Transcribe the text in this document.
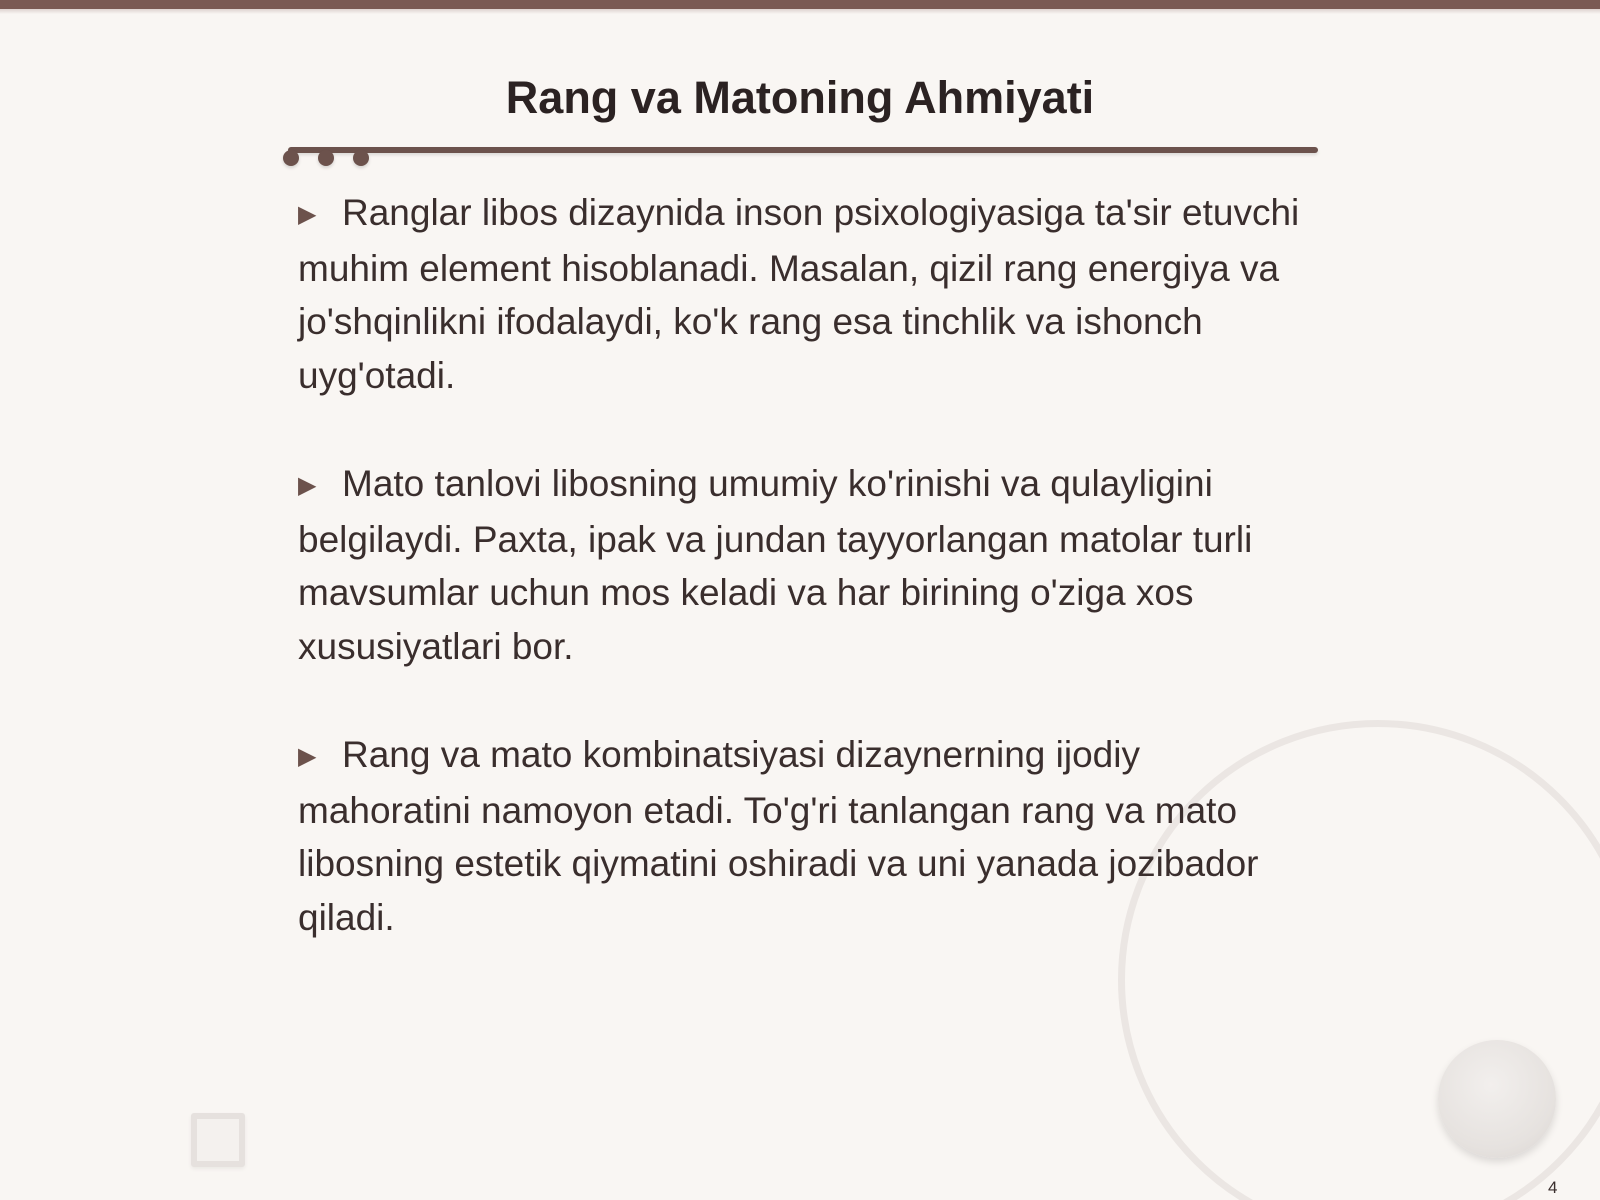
Rang va Matoning Ahmiyati

▶ Ranglar libos dizaynida inson psixologiyasiga ta'sir etuvchi muhim element hisoblanadi. Masalan, qizil rang energiya va jo'shqinlikni ifodalaydi, ko'k rang esa tinchlik va ishonch uyg'otadi.

▶ Mato tanlovi libosning umumiy ko'rinishi va qulayligini belgilaydi. Paxta, ipak va jundan tayyorlangan matolar turli mavsumlar uchun mos keladi va har birining o'ziga xos xususiyatlari bor.

▶ Rang va mato kombinatsiyasi dizaynerning ijodiy mahoratini namoyon etadi. To'g'ri tanlangan rang va mato libosning estetik qiymatini oshiradi va uni yanada jozibador qiladi.

4
